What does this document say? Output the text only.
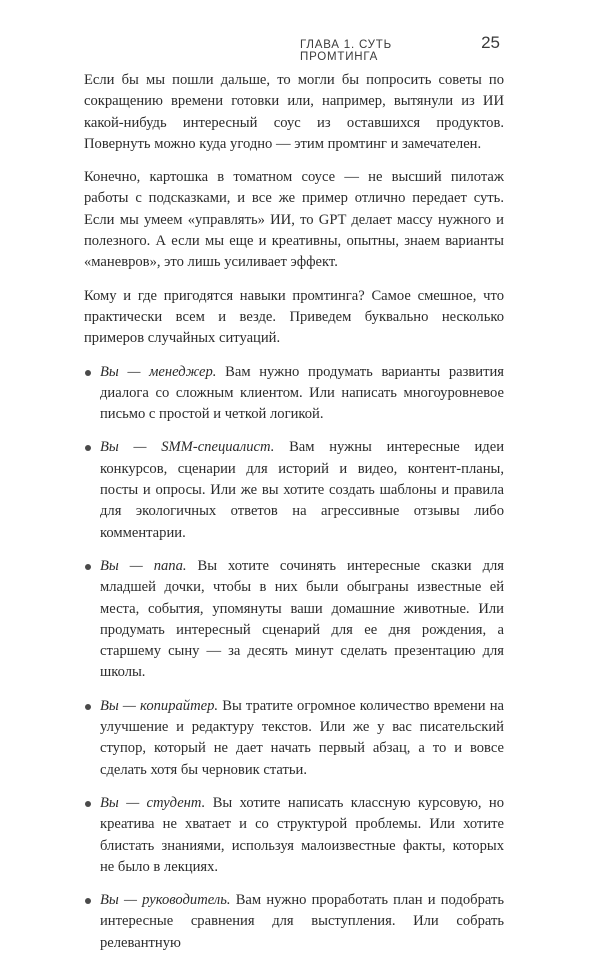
ГЛАВА 1. СУТЬ ПРОМТИНГА
25

Если бы мы пошли дальше, то могли бы попросить советы по сокращению времени готовки или, например, вытянули из ИИ какой-нибудь интересный соус из оставшихся продуктов. Повернуть можно куда угодно — этим промтинг и замечателен.

Конечно, картошка в томатном соусе — не высший пилотаж работы с подсказками, и все же пример отлично передает суть. Если мы умеем «управлять» ИИ, то GPT делает массу нужного и полезного. А если мы еще и креативны, опытны, знаем варианты «маневров», это лишь усиливает эффект.

Кому и где пригодятся навыки промтинга? Самое смешное, что практически всем и везде. Приведем буквально несколько примеров случайных ситуаций.

Вы — менеджер. Вам нужно продумать варианты развития диалога со сложным клиентом. Или написать многоуровневое письмо с простой и четкой логикой.
Вы — SMM-специалист. Вам нужны интересные идеи конкурсов, сценарии для историй и видео, контент-планы, посты и опросы. Или же вы хотите создать шаблоны и правила для экологичных ответов на агрессивные отзывы либо комментарии.
Вы — папа. Вы хотите сочинять интересные сказки для младшей дочки, чтобы в них были обыграны известные ей места, события, упомянуты ваши домашние животные. Или продумать интересный сценарий для ее дня рождения, а старшему сыну — за десять минут сделать презентацию для школы.
Вы — копирайтер. Вы тратите огромное количество времени на улучшение и редактуру текстов. Или же у вас писательский ступор, который не дает начать первый абзац, а то и вовсе сделать хотя бы черновик статьи.
Вы — студент. Вы хотите написать классную курсовую, но креатива не хватает и со структурой проблемы. Или хотите блистать знаниями, используя малоизвестные факты, которых не было в лекциях.
Вы — руководитель. Вам нужно проработать план и подобрать интересные сравнения для выступления. Или собрать релевантную
